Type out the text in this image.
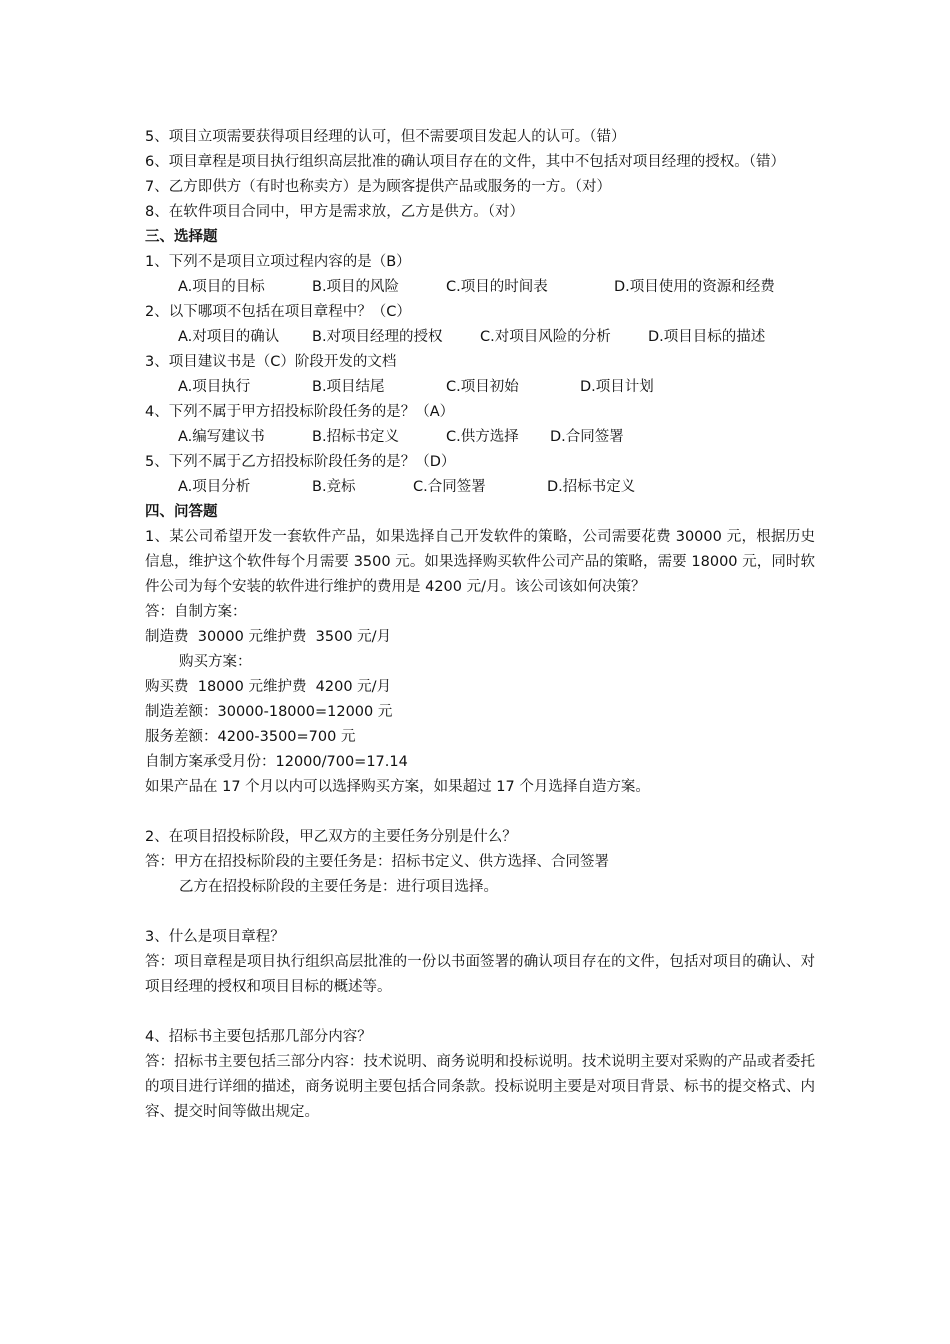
5、项目立项需要获得项目经理的认可，但不需要项目发起人的认可。（错）
6、项目章程是项目执行组织高层批准的确认项目存在的文件，其中不包括对项目经理的授权。（错）
7、乙方即供方（有时也称卖方）是为顾客提供产品或服务的一方。（对）
8、在软件项目合同中，甲方是需求放，乙方是供方。（对）
三、选择题
1、下列不是项目立项过程内容的是（B）
A.项目的目标	B.项目的风险	C.项目的时间表	D.项目使用的资源和经费
2、以下哪项不包括在项目章程中？（C）
A.对项目的确认	B.对项目经理的授权	C.对项目风险的分析	D.项目目标的描述
3、项目建议书是（C）阶段开发的文档
A.项目执行	B.项目结尾	C.项目初始	D.项目计划
4、下列不属于甲方招投标阶段任务的是？（A）
A.编写建议书	B.招标书定义	C.供方选择	D.合同签署
5、下列不属于乙方招投标阶段任务的是？（D）
A.项目分析	B.竞标	C.合同签署	D.招标书定义
四、问答题
1、某公司希望开发一套软件产品，如果选择自己开发软件的策略，公司需要花费 30000 元，根据历史信息，维护这个软件每个月需要 3500 元。如果选择购买软件公司产品的策略，需要 18000 元，同时软件公司为每个安装的软件进行维护的费用是 4200 元/月。该公司该如何决策？
答：自制方案：
制造费  30000 元维护费  3500 元/月
购买方案：
购买费  18000 元维护费  4200 元/月
制造差额：30000-18000=12000 元
服务差额：4200-3500=700 元
自制方案承受月份：12000/700=17.14
如果产品在 17 个月以内可以选择购买方案，如果超过 17 个月选择自造方案。
2、在项目招投标阶段，甲乙双方的主要任务分别是什么？
答：甲方在招投标阶段的主要任务是：招标书定义、供方选择、合同签署
乙方在招投标阶段的主要任务是：进行项目选择。
3、什么是项目章程？
答：项目章程是项目执行组织高层批准的一份以书面签署的确认项目存在的文件，包括对项目的确认、对项目经理的授权和项目目标的概述等。
4、招标书主要包括那几部分内容？
答：招标书主要包括三部分内容：技术说明、商务说明和投标说明。技术说明主要对采购的产品或者委托的项目进行详细的描述，商务说明主要包括合同条款。投标说明主要是对项目背景、标书的提交格式、内容、提交时间等做出规定。
